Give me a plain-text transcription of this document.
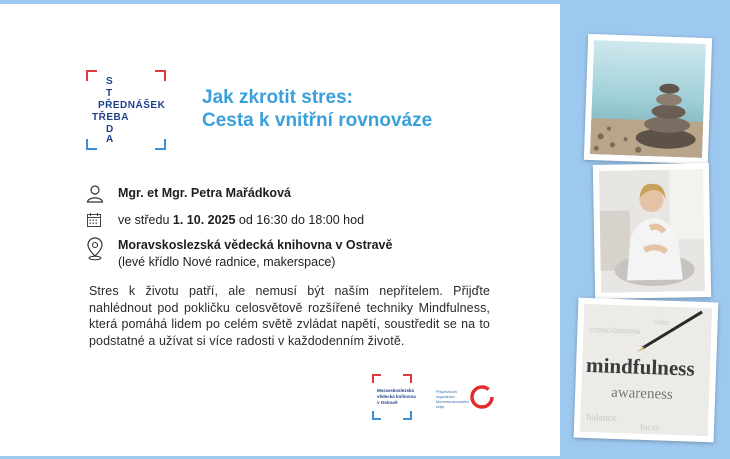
S
T
PŘEDNÁŠEK
TŘEBA
D
A
Jak zkrotit stres:
Cesta k vnitřní rovnováze
Mgr. et Mgr. Petra Mařádková
ve středu 1. 10. 2025 od 16:30 do 18:00 hod
Moravskoslezská vědecká knihovna v Ostravě
(levé křídlo Nové radnice, makerspace)
Stres k životu patří, ale nemusí být naším nepřítelem. Přijďte nahlédnout pod pokličku celosvětově rozšířené techniky Mindfulness, která pomáhá lidem po celém světě zvládat napětí, soustředit se na to podstatné a užívat si více radosti v každodenním životě.
Moravskoslezská vědecká knihovna v Ostravě
Přispěvková organizace Moravskoslezského kraje
consciousness
calm
balance
focus
mindfulness
awareness
